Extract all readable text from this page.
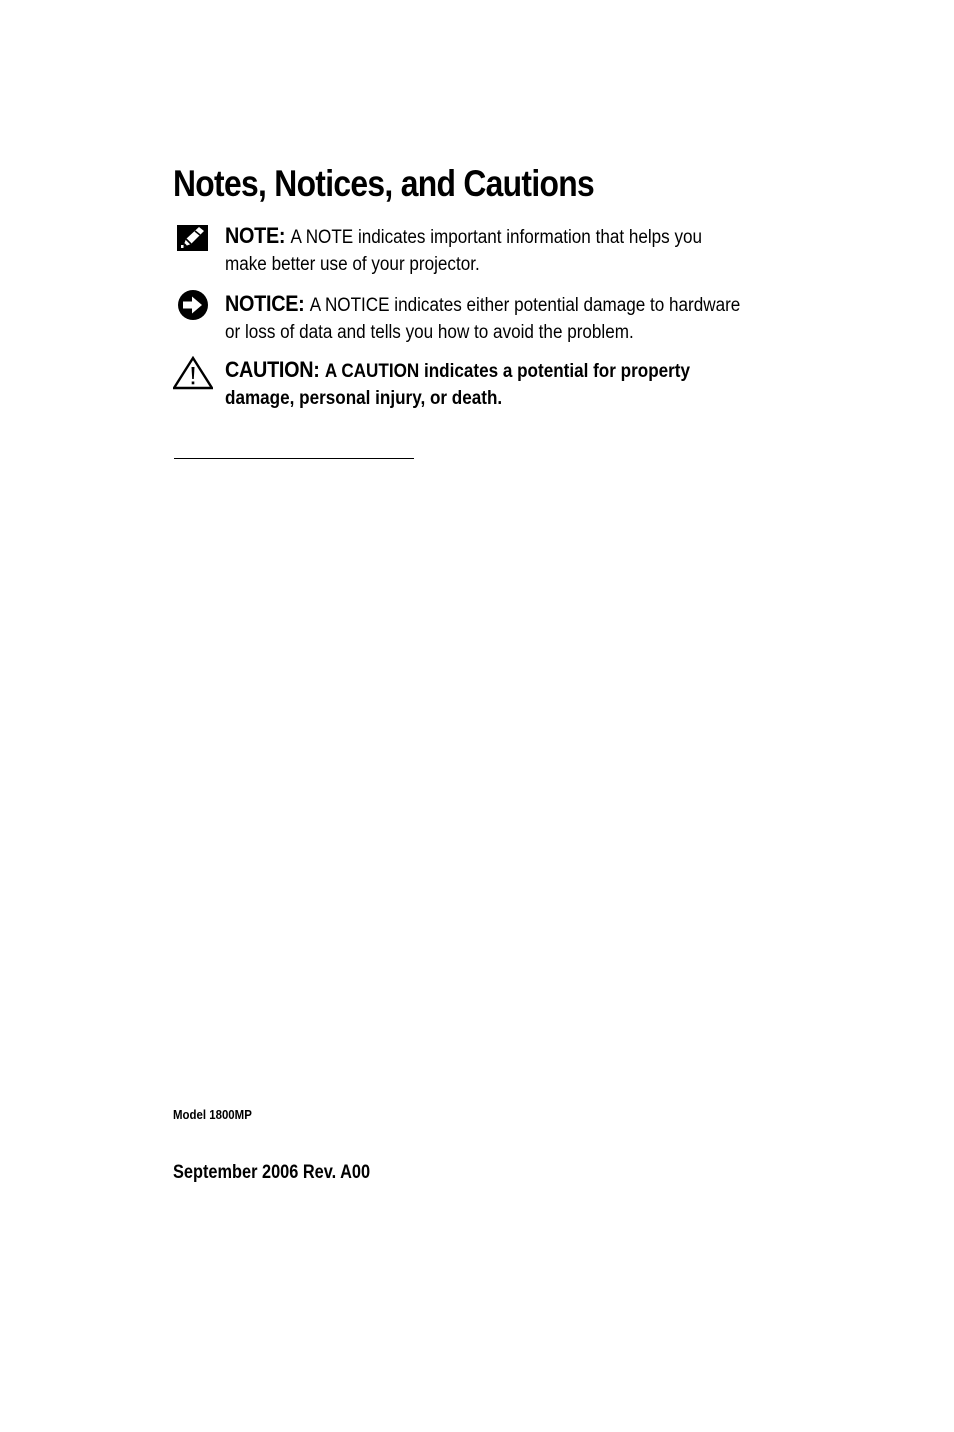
Notes, Notices, and Cautions
NOTE: A NOTE indicates important information that helps you make better use of your projector.
NOTICE: A NOTICE indicates either potential damage to hardware or loss of data and tells you how to avoid the problem.
CAUTION: A CAUTION indicates a potential for property damage, personal injury, or death.
Model 1800MP
September 2006 Rev. A00
